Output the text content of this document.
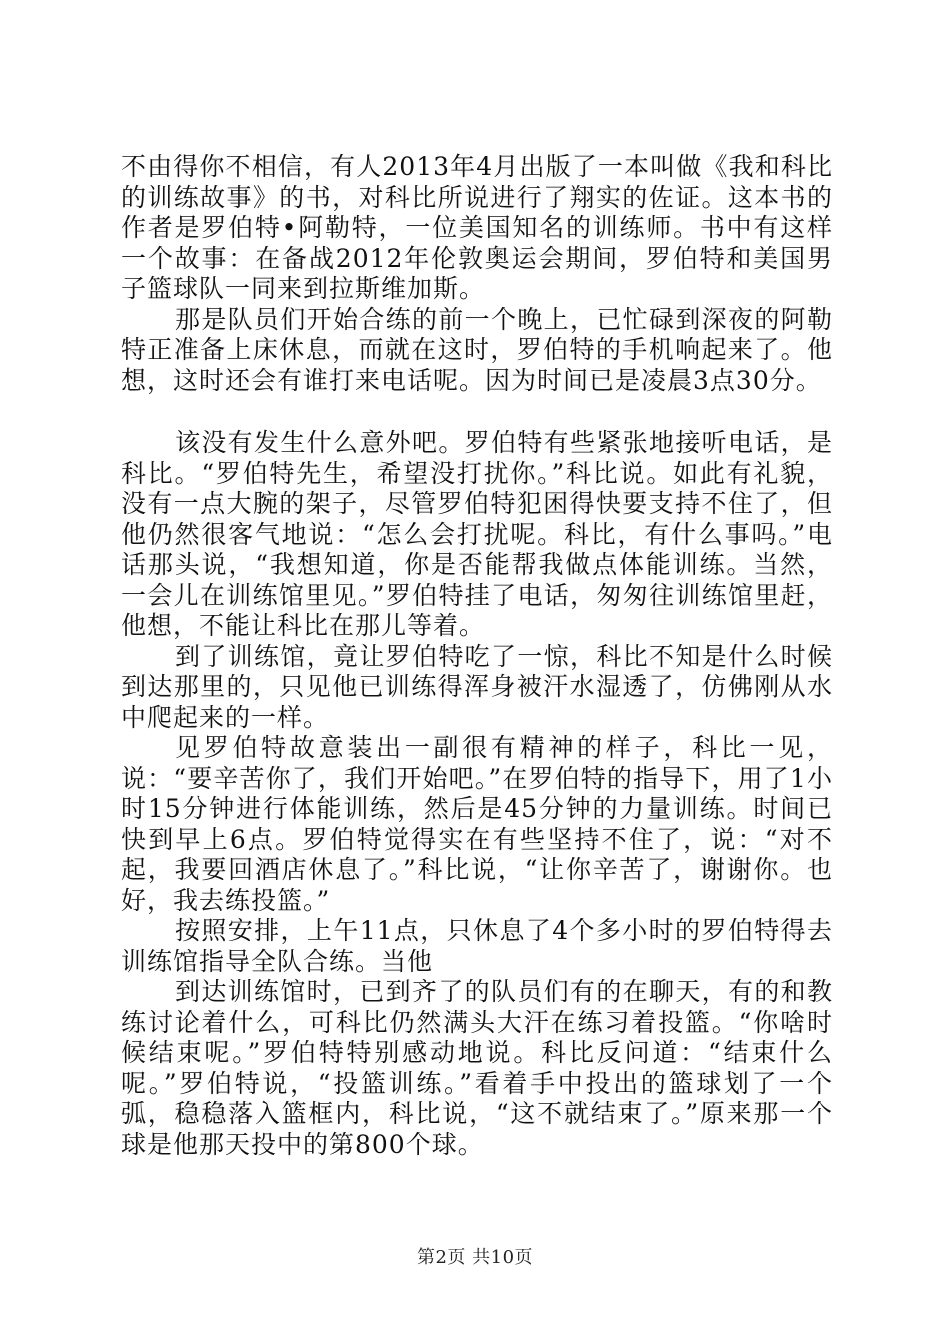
不由得你不相信，有人2013年4月出版了一本叫做《我和科比的训练故事》的书，对科比所说进行了翔实的佐证。这本书的作者是罗伯特•阿勒特，一位美国知名的训练师。书中有这样一个故事：在备战2012年伦敦奥运会期间，罗伯特和美国男子篮球队一同来到拉斯维加斯。

那是队员们开始合练的前一个晚上，已忙碌到深夜的阿勒特正准备上床休息，而就在这时，罗伯特的手机响起来了。他想，这时还会有谁打来电话呢。因为时间已是凌晨3点30分。

该没有发生什么意外吧。罗伯特有些紧张地接听电话，是科比。“罗伯特先生，希望没打扰你。”科比说。如此有礼貌，没有一点大腕的架子，尽管罗伯特犯困得快要支持不住了，但他仍然很客气地说：“怎么会打扰呢。科比，有什么事吗。”电话那头说，“我想知道，你是否能帮我做点体能训练。当然，一会儿在训练馆里见。”罗伯特挂了电话，匆匆往训练馆里赶，他想，不能让科比在那儿等着。

到了训练馆，竟让罗伯特吃了一惊，科比不知是什么时候到达那里的，只见他已训练得浑身被汗水湿透了，仿佛刚从水中爬起来的一样。

见罗伯特故意装出一副很有精神的样子，科比一见，说：“要辛苦你了，我们开始吧。”在罗伯特的指导下，用了1小时15分钟进行体能训练，然后是45分钟的力量训练。时间已快到早上6点。罗伯特觉得实在有些坚持不住了，说：“对不起，我要回酒店休息了。”科比说，“让你辛苦了，谢谢你。也好，我去练投篮。”

按照安排，上午11点，只休息了4个多小时的罗伯特得去训练馆指导全队合练。当他

到达训练馆时，已到齐了的队员们有的在聊天，有的和教练讨论着什么，可科比仍然满头大汗在练习着投篮。“你啥时候结束呢。”罗伯特特别感动地说。科比反问道：“结束什么呢。”罗伯特说，“投篮训练。”看着手中投出的篮球划了一个弧，稳稳落入篮框内，科比说，“这不就结束了。”原来那一个球是他那天投中的第800个球。

第2页 共10页
